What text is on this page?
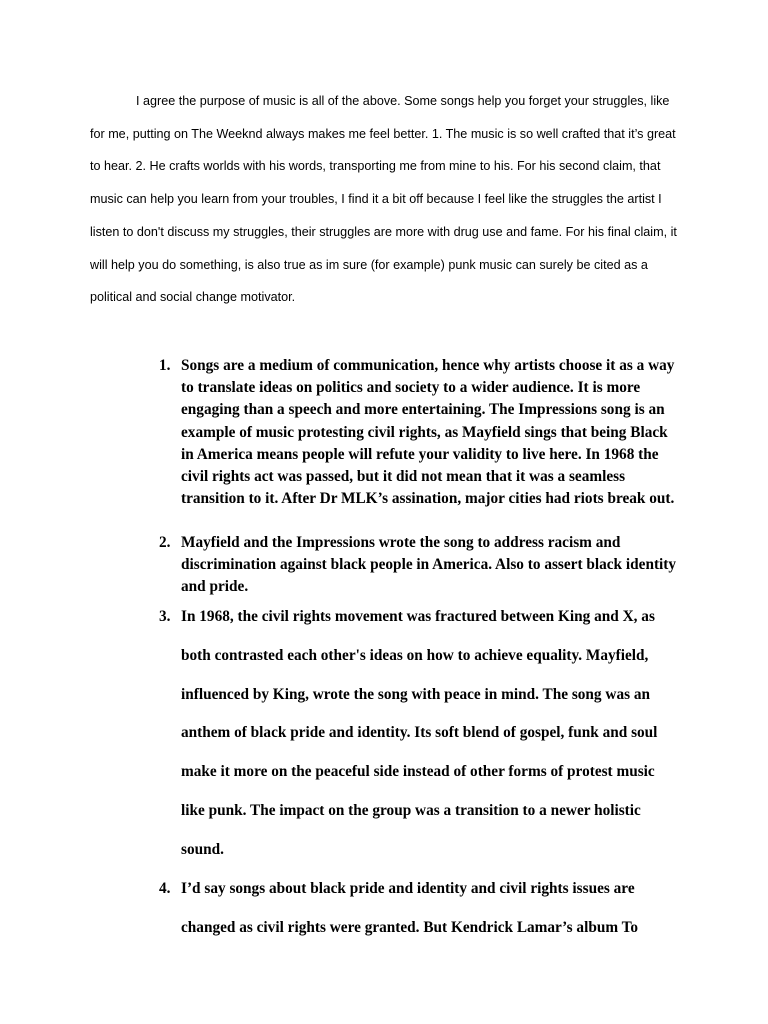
I agree the purpose of music is all of the above. Some songs help you forget your struggles, like for me, putting on The Weeknd always makes me feel better. 1. The music is so well crafted that it’s great to hear. 2. He crafts worlds with his words, transporting me from mine to his. For his second claim, that music can help you learn from your troubles, I find it a bit off because I feel like the struggles the artist I listen to don't discuss my struggles, their struggles are more with drug use and fame. For his final claim, it will help you do something, is also true as im sure (for example) punk music can surely be cited as a political and social change motivator.

1. Songs are a medium of communication, hence why artists choose it as a way to translate ideas on politics and society to a wider audience. It is more engaging than a speech and more entertaining. The Impressions song is an example of music protesting civil rights, as Mayfield sings that being Black in America means people will refute your validity to live here. In 1968 the civil rights act was passed, but it did not mean that it was a seamless transition to it. After Dr MLK’s assination, major cities had riots break out.
2. Mayfield and the Impressions wrote the song to address racism and discrimination against black people in America. Also to assert black identity and pride.
3. In 1968, the civil rights movement was fractured between King and X, as both contrasted each other's ideas on how to achieve equality. Mayfield, influenced by King, wrote the song with peace in mind. The song was an anthem of black pride and identity. Its soft blend of gospel, funk and soul make it more on the peaceful side instead of other forms of protest music like punk. The impact on the group was a transition to a newer holistic sound.
4. I’d say songs about black pride and identity and civil rights issues are changed as civil rights were granted. But Kendrick Lamar’s album To
